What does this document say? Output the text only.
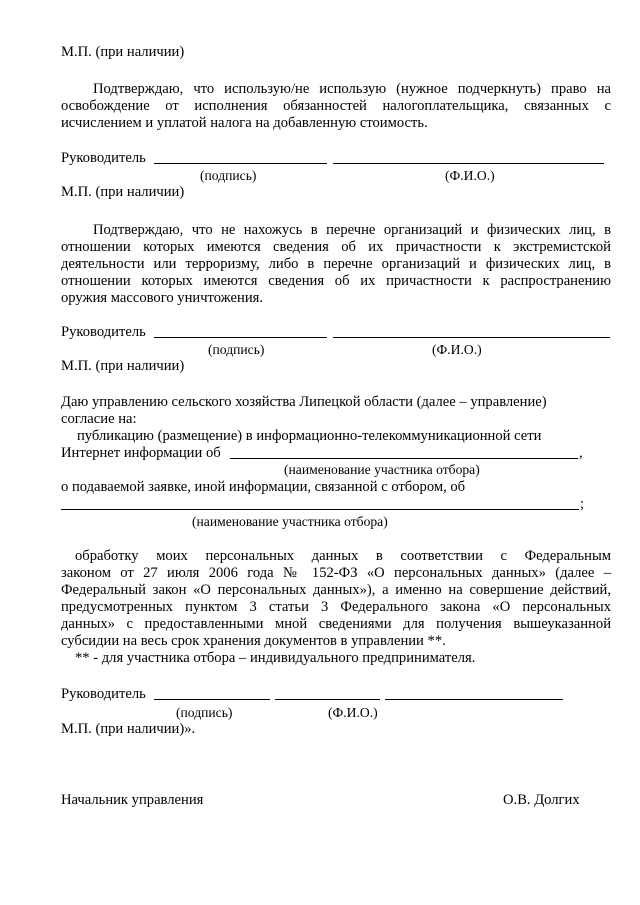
М.П. (при наличии)
Подтверждаю, что использую/не использую (нужное подчеркнуть) право на
освобождение от исполнения обязанностей налогоплательщика, связанных с
исчислением и уплатой налога на добавленную стоимость.
Руководитель
(подпись)	(Ф.И.О.)
М.П. (при наличии)
Подтверждаю, что не нахожусь в перечне организаций и физических лиц, в
отношении которых имеются сведения об их причастности к экстремистской
деятельности или терроризму, либо в перечне организаций и физических лиц, в
отношении которых имеются сведения об их причастности к распространению
оружия массового уничтожения.
Руководитель
(подпись)	(Ф.И.О.)
М.П. (при наличии)
Даю управлению сельского хозяйства Липецкой области (далее – управление)
согласие на:
публикацию (размещение) в информационно-телекоммуникационной сети
Интернет информации об	,
(наименование участника отбора)
о подаваемой заявке, иной информации, связанной с отбором, об
;
(наименование участника отбора)
обработку моих персональных данных в соответствии с Федеральным
законом от 27 июля 2006 года № 152-ФЗ «О персональных данных» (далее –
Федеральный закон «О персональных данных»), а именно на совершение действий,
предусмотренных пунктом 3 статьи 3 Федерального закона «О персональных
данных» с предоставленными мной сведениями для получения вышеуказанной
субсидии на весь срок хранения документов в управлении **.
** - для участника отбора – индивидуального предпринимателя.
Руководитель
(подпись)	(Ф.И.О.)
М.П. (при наличии)».
Начальник управления	О.В. Долгих
